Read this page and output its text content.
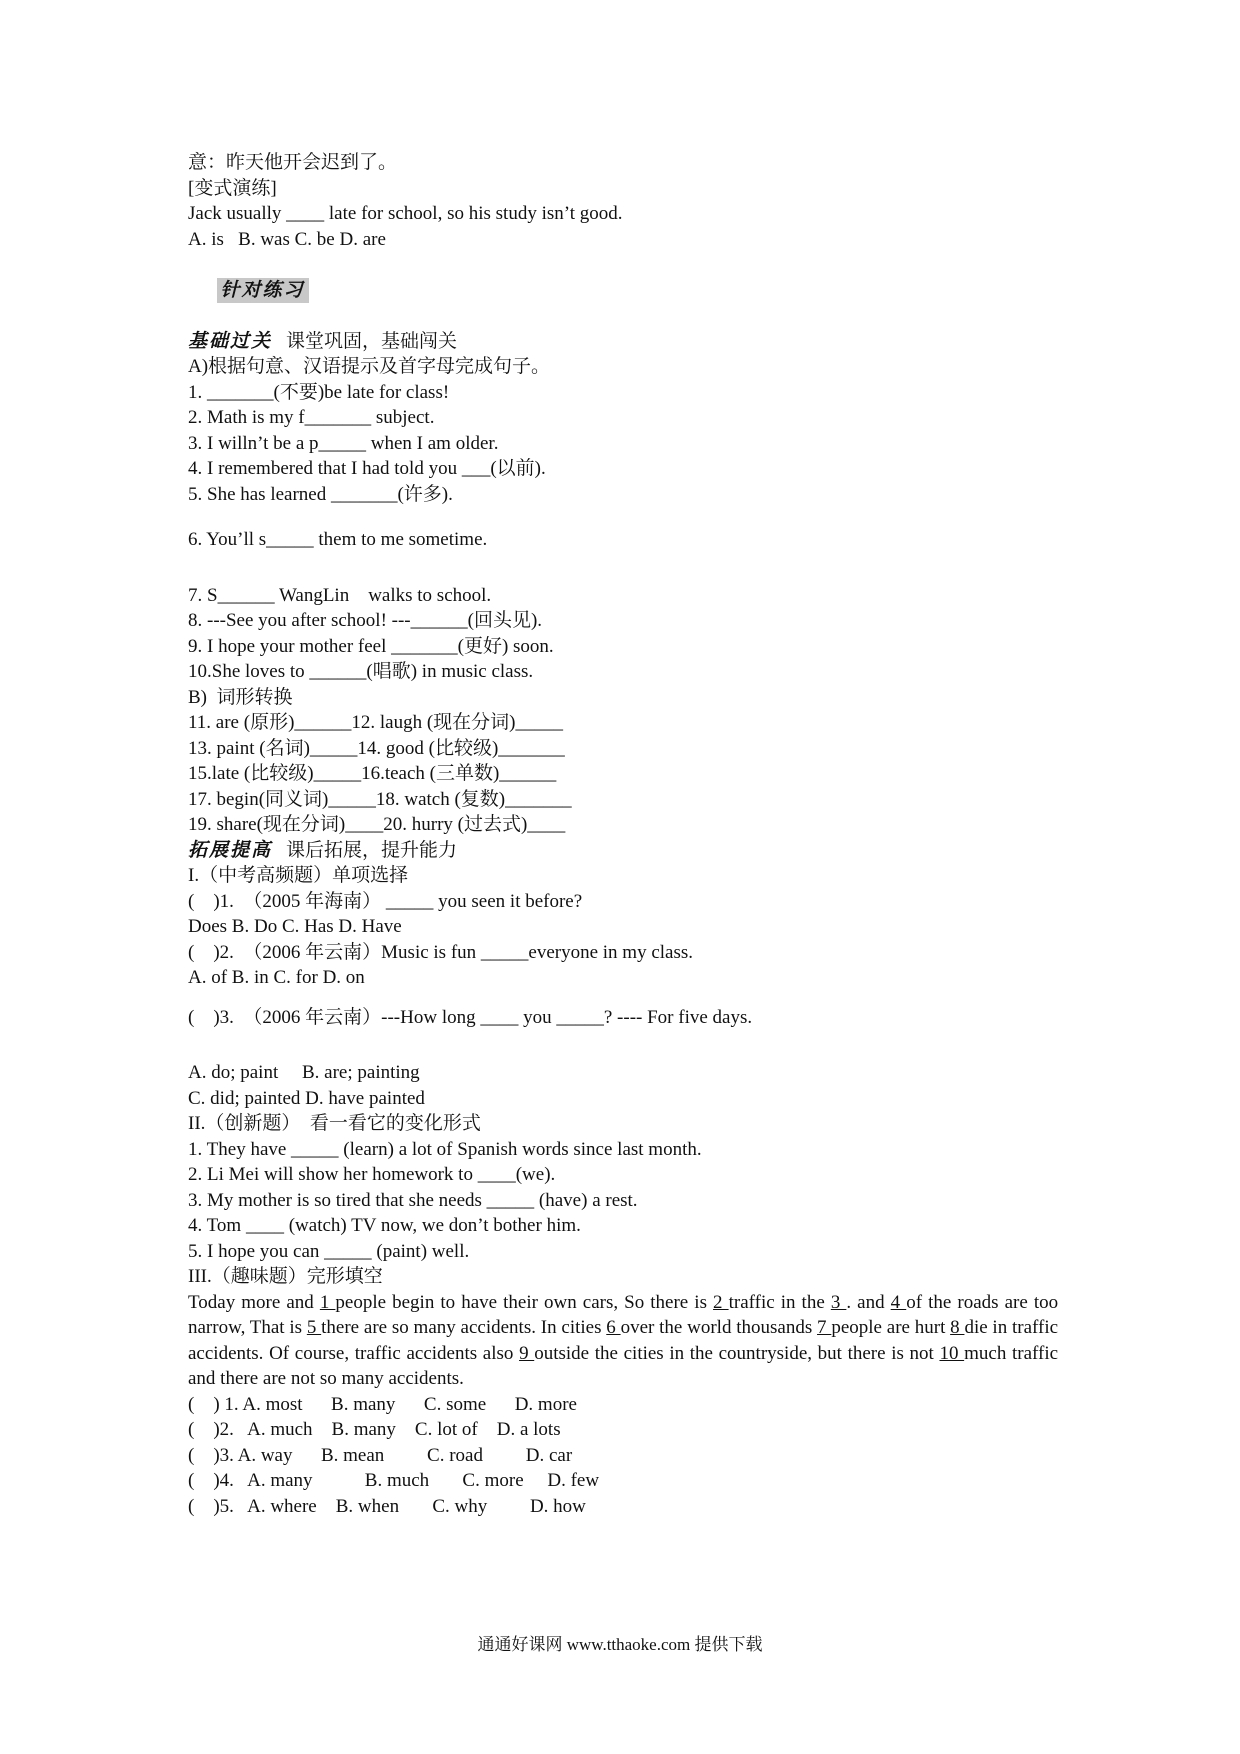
意：昨天他开会迟到了。

[变式演练]

Jack usually ____ late for school, so his study isn’t good.

A. is   B. was C. be D. are

针对练习

基础过关 课堂巩固，基础闯关

A)根据句意、汉语提示及首字母完成句子。

1. _______(不要)be late for class!

2. Math is my f_______ subject.

3. I willn’t be a p_____ when I am older.

4. I remembered that I had told you ___(以前).

5. She has learned _______(许多).

6. You’ll s_____ them to me sometime.

7. S______ WangLin    walks to school.

8. ---See you after school! ---______(回头见).

9. I hope your mother feel _______(更好) soon.

10.She loves to ______(唱歌) in music class.

B)  词形转换

11. are (原形)______12. laugh (现在分词)_____

13. paint (名词)_____14. good (比较级)_______

15.late (比较级)_____16.teach (三单数)______

17. begin(同义词)_____18. watch (复数)_______

19. share(现在分词)____20. hurry (过去式)____

拓展提高 课后拓展，提升能力

I.（中考高频题）单项选择

(    )1.  （2005 年海南） _____ you seen it before?

Does B. Do C. Has D. Have

(    )2.  （2006 年云南）Music is fun _____everyone in my class.

A. of B. in C. for D. on

(    )3.  （2006 年云南）---How long ____ you _____? ---- For five days.

A. do; paint     B. are; painting

C. did; painted D. have painted

II.（创新题）  看一看它的变化形式

1. They have _____ (learn) a lot of Spanish words since last month.

2. Li Mei will show her homework to ____(we).

3. My mother is so tired that she needs _____ (have) a rest.

4. Tom ____ (watch) TV now, we don’t bother him.

5. I hope you can _____ (paint) well.

III.（趣味题）完形填空

Today more and 1 people begin to have their own cars, So there is 2 traffic in the 3 . and 4 of the roads are too narrow, That is 5 there are so many accidents. In cities 6 over the world thousands 7 people are hurt 8 die in traffic accidents. Of course, traffic accidents also 9 outside the cities in the countryside, but there is not 10 much traffic and there are not so many accidents.

(    ) 1. A. most      B. many      C. some      D. more

(    )2.   A. much    B. many    C. lot of    D. a lots

(    )3. A. way      B. mean         C. road         D. car

(    )4.   A. many           B. much       C. more     D. few

(    )5.   A. where    B. when       C. why         D. how

通通好课网 www.tthaoke.com 提供下载
